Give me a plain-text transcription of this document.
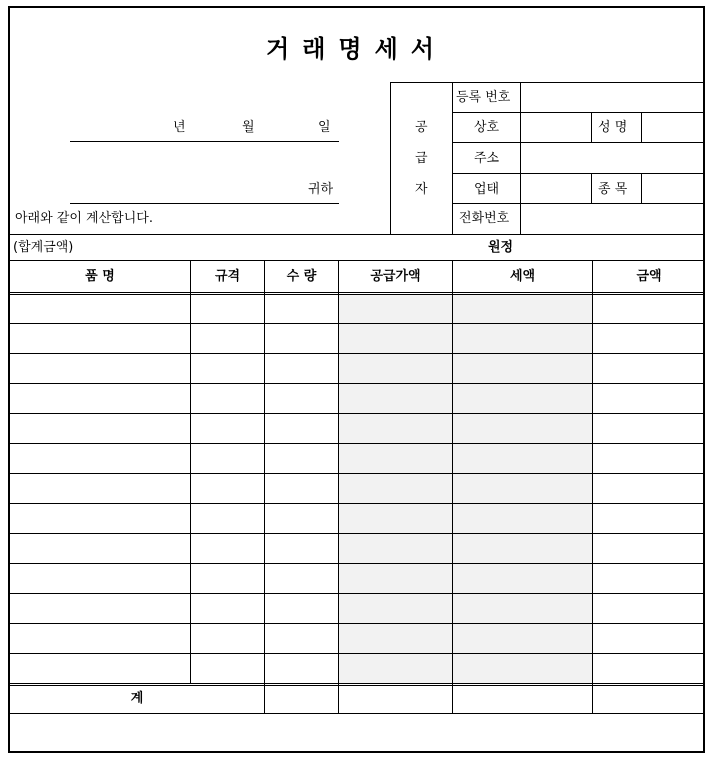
거래명세서
년	월	일
귀하
아래와 같이 계산합니다.
공
급
자
등록 번호
상호	성 명
주소
업태	종 목
전화번호
(합계금액)	원정
품 명	규격	수 량	공급가액	세액	금액
계
